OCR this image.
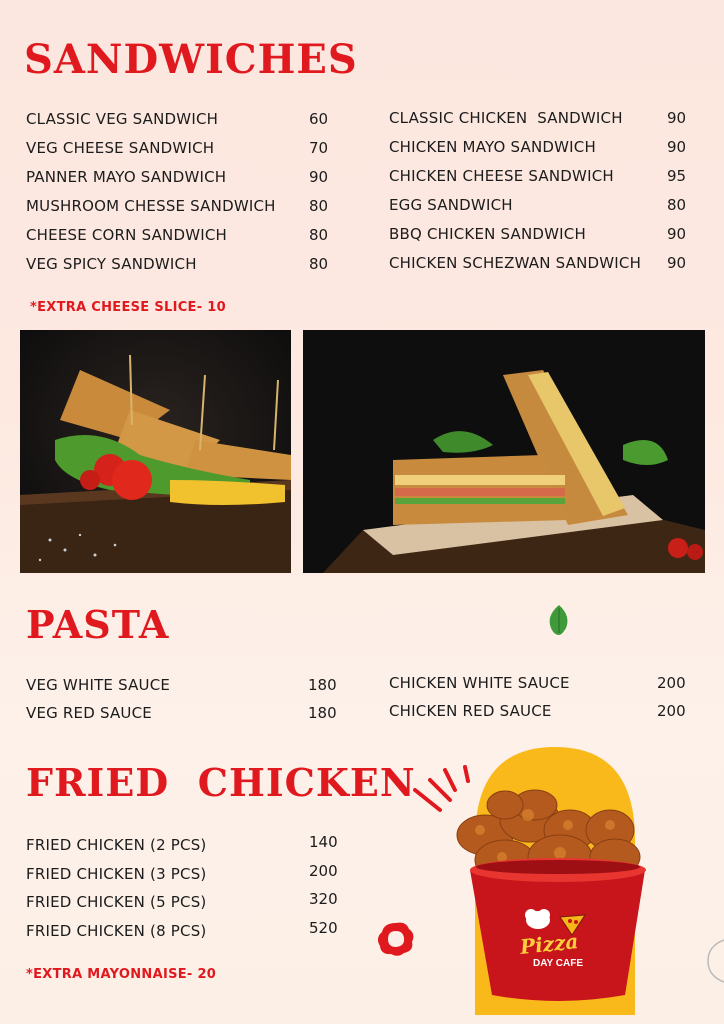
SANDWICHES
CLASSIC VEG SANDWICH	60
VEG CHEESE SANDWICH	70
PANNER MAYO SANDWICH	90
MUSHROOM CHESSE SANDWICH 80
CHEESE CORN SANDWICH	80
VEG SPICY SANDWICH	80
CLASSIC CHICKEN  SANDWICH	90
CHICKEN MAYO SANDWICH	90
CHICKEN CHEESE SANDWICH	95
EGG SANDWICH	80
BBQ CHICKEN SANDWICH	90
CHICKEN SCHEZWAN SANDWICH 90
*EXTRA CHEESE SLICE- 10
PASTA
VEG WHITE SAUCE	180
VEG RED SAUCE	180
CHICKEN WHITE SAUCE	200
CHICKEN RED SAUCE	200
FRIED  CHICKEN
FRIED CHICKEN (2 PCS)	140
FRIED CHICKEN (3 PCS)	200
FRIED CHICKEN (5 PCS)	320
FRIED CHICKEN (8 PCS)	520
*EXTRA MAYONNAISE- 20
Pizza
DAY CAFE
